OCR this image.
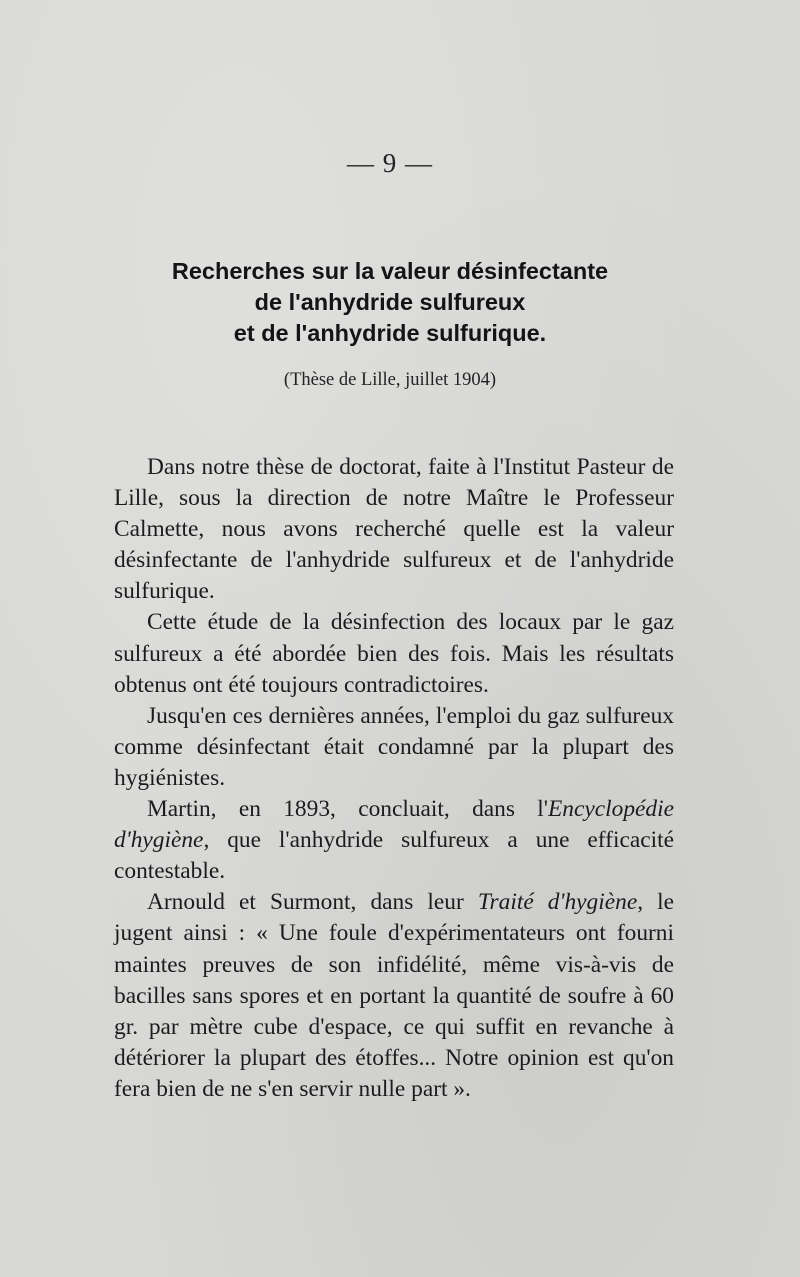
— 9 —
Recherches sur la valeur désinfectante
de l'anhydride sulfureux
et de l'anhydride sulfurique.
(Thèse de Lille, juillet 1904)

Dans notre thèse de doctorat, faite à l'Institut Pasteur de Lille, sous la direction de notre Maître le Professeur Calmette, nous avons recherché quelle est la valeur désinfectante de l'anhydride sulfureux et de l'anhydride sulfurique.

Cette étude de la désinfection des locaux par le gaz sulfureux a été abordée bien des fois. Mais les résultats obtenus ont été toujours contradictoires.

Jusqu'en ces dernières années, l'emploi du gaz sulfureux comme désinfectant était condamné par la plupart des hygiénistes.

Martin, en 1893, concluait, dans l'Encyclopédie d'hygiène, que l'anhydride sulfureux a une efficacité contestable.

Arnould et Surmont, dans leur Traité d'hygiène, le jugent ainsi : « Une foule d'expérimentateurs ont fourni maintes preuves de son infidélité, même vis-à-vis de bacilles sans spores et en portant la quantité de soufre à 60 gr. par mètre cube d'espace, ce qui suffit en revanche à détériorer la plupart des étoffes... Notre opinion est qu'on fera bien de ne s'en servir nulle part ».
